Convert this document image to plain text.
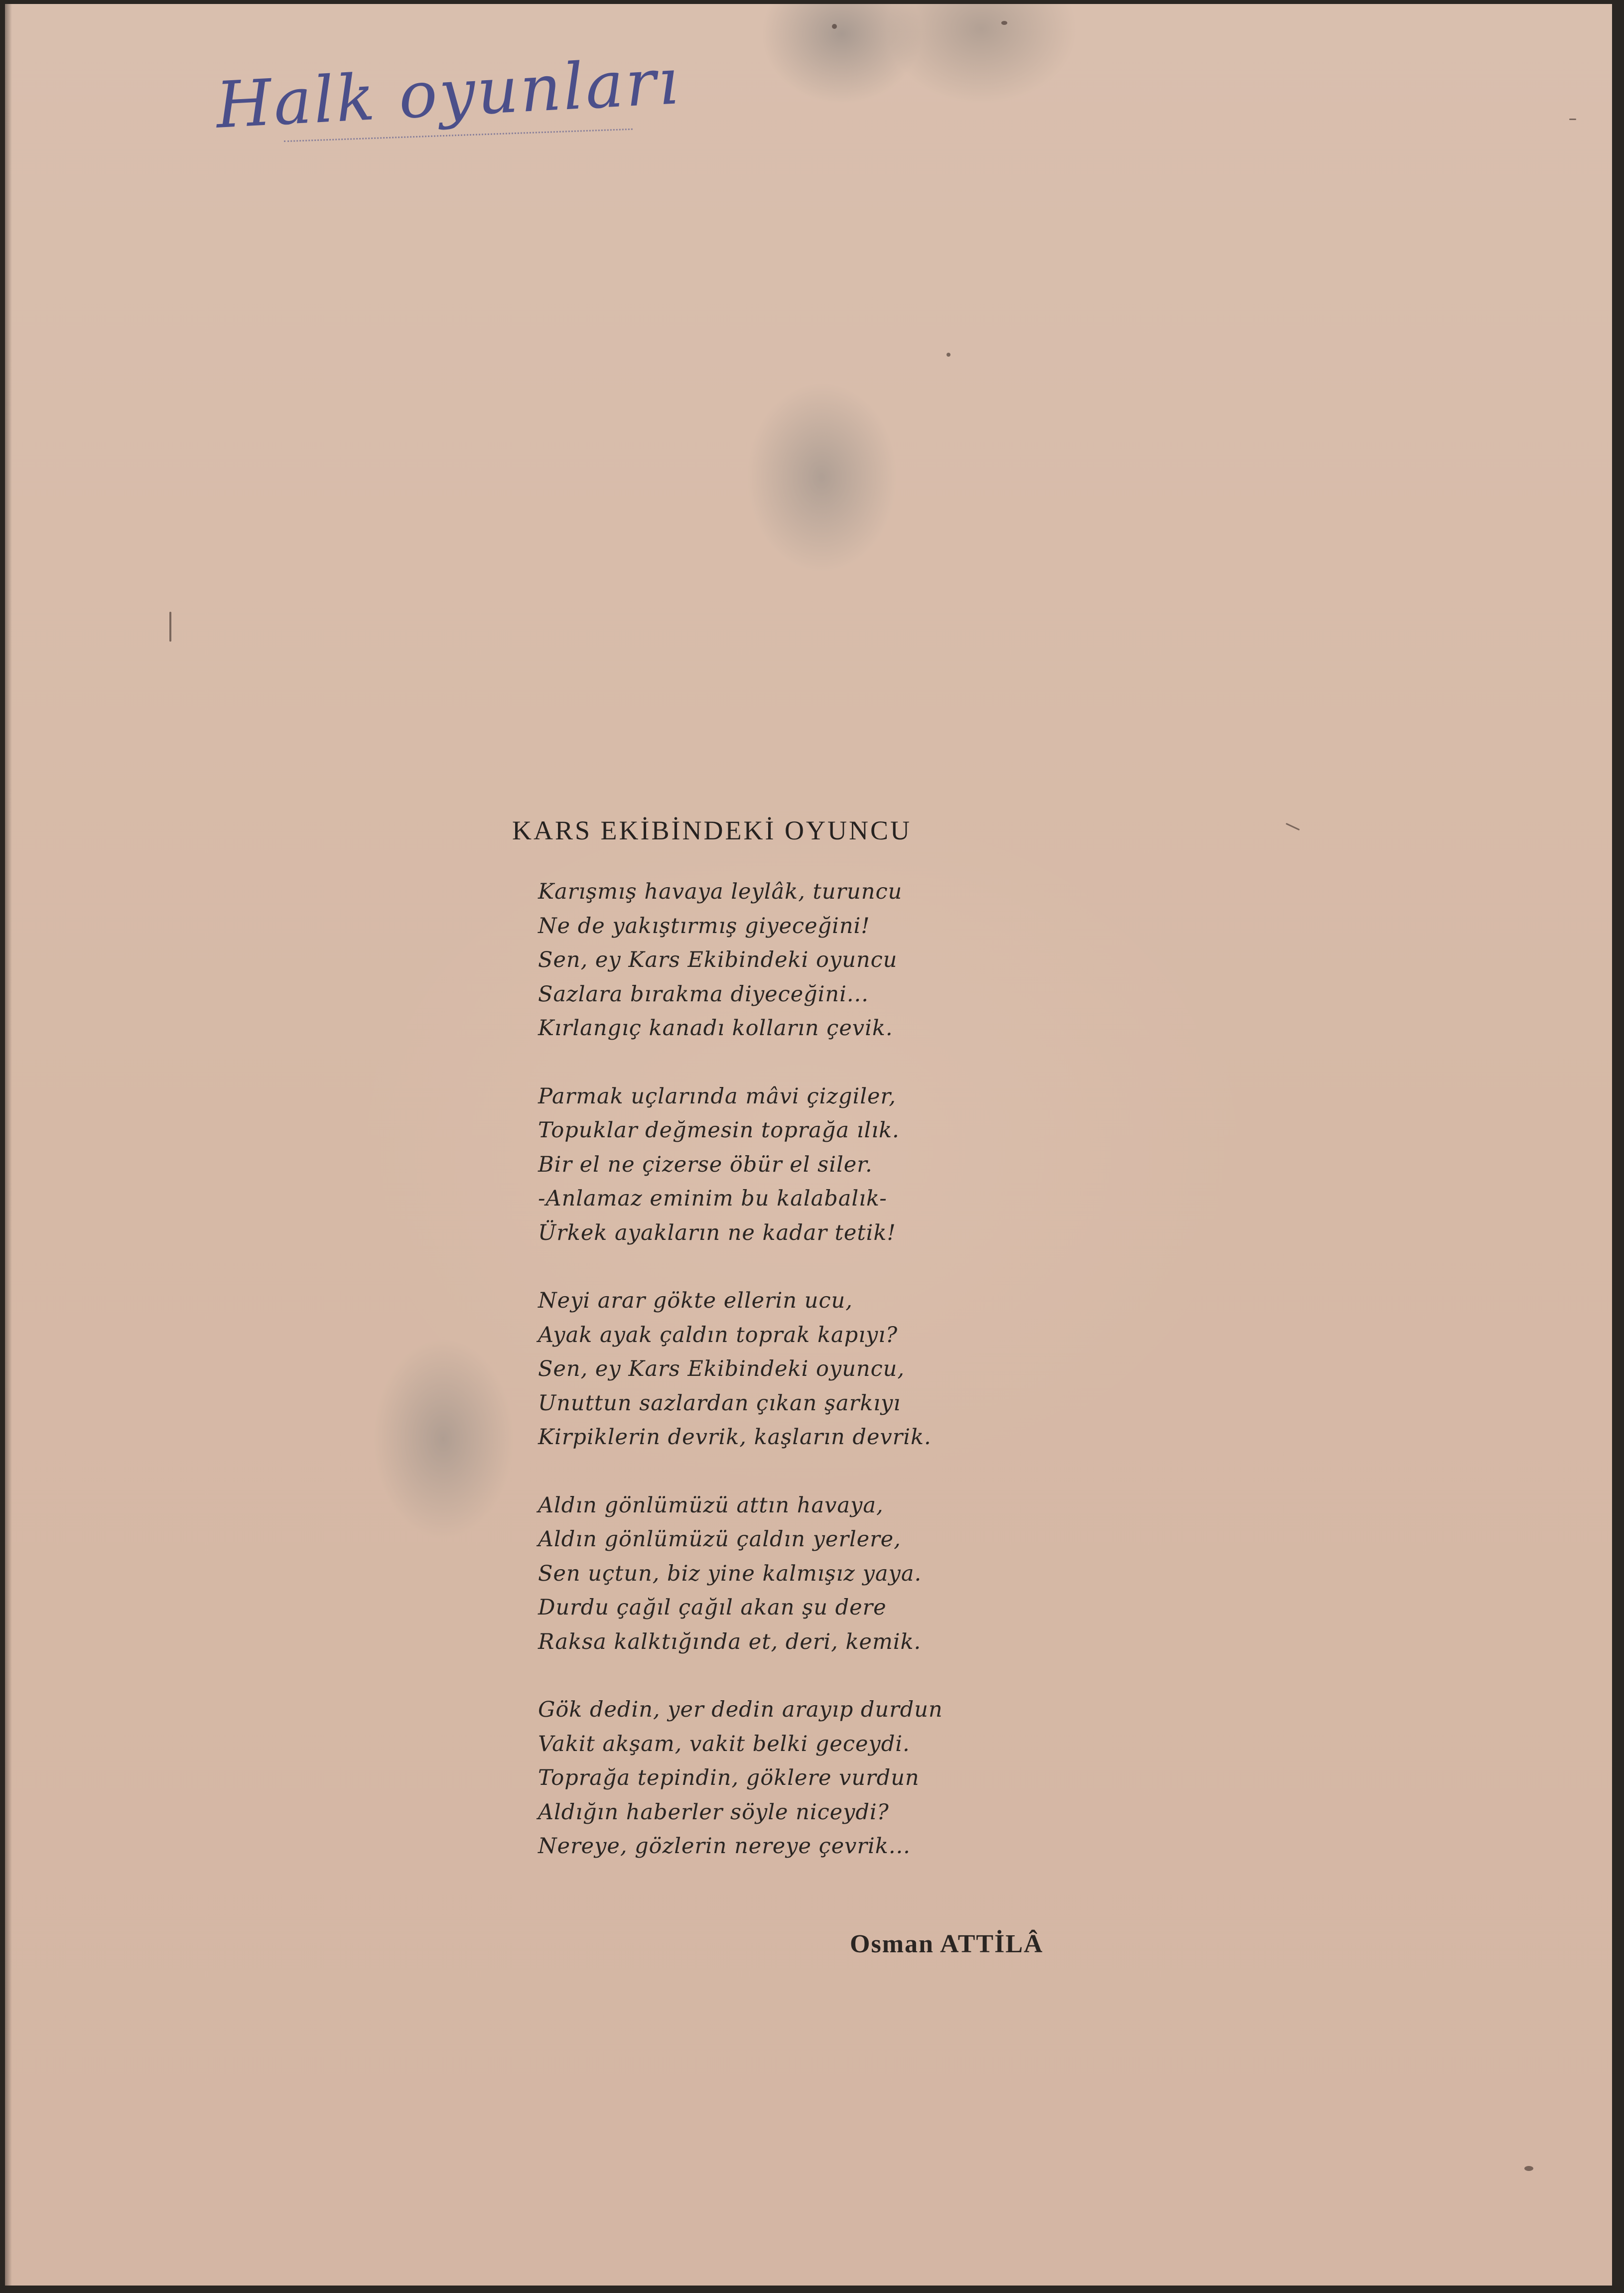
Halk oyunları
KARS EKİBİNDEKİ OYUNCU
Karışmış havaya leylâk, turuncu
Ne de yakıştırmış giyeceğini!
Sen, ey Kars Ekibindeki oyuncu
Sazlara bırakma diyeceğini...
Kırlangıç kanadı kolların çevik.
Parmak uçlarında mâvi çizgiler,
Topuklar değmesin toprağa ılık.
Bir el ne çizerse öbür el siler.
-Anlamaz eminim bu kalabalık-
Ürkek ayakların ne kadar tetik!
Neyi arar gökte ellerin ucu,
Ayak ayak çaldın toprak kapıyı?
Sen, ey Kars Ekibindeki oyuncu,
Unuttun sazlardan çıkan şarkıyı
Kirpiklerin devrik, kaşların devrik.
Aldın gönlümüzü attın havaya,
Aldın gönlümüzü çaldın yerlere,
Sen uçtun, biz yine kalmışız yaya.
Durdu çağıl çağıl akan şu dere
Raksa kalktığında et, deri, kemik.
Gök dedin, yer dedin arayıp durdun
Vakit akşam, vakit belki geceydi.
Toprağa tepindin, göklere vurdun
Aldığın haberler söyle niceydi?
Nereye, gözlerin nereye çevrik...
Osman ATTİLÂ
